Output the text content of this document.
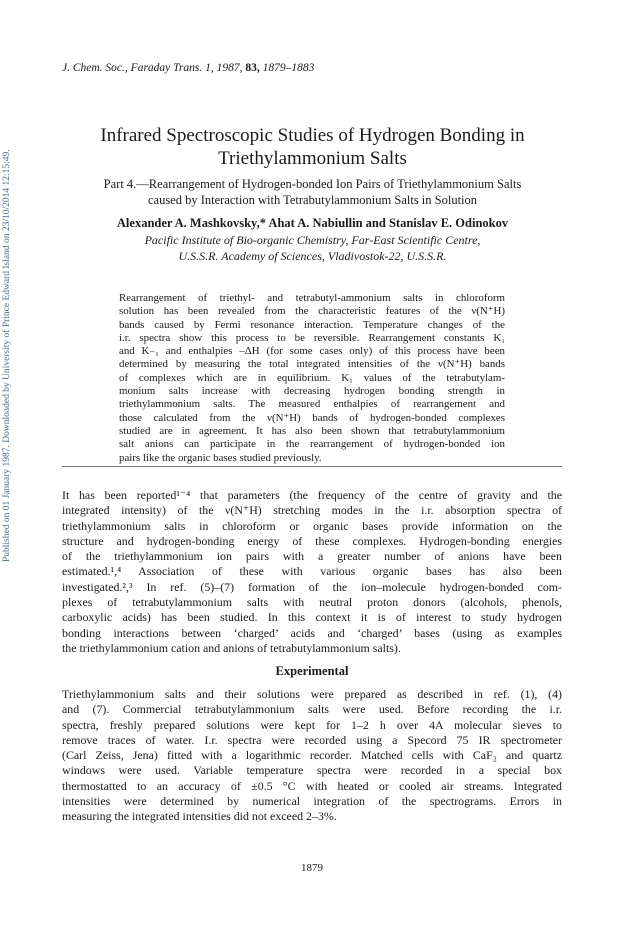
J. Chem. Soc., Faraday Trans. 1, 1987, 83, 1879–1883
Published on 01 January 1987. Downloaded by University of Prince Edward Island on 23/10/2014 12:15:49.
Infrared Spectroscopic Studies of Hydrogen Bonding in
Triethylammonium Salts
Part 4.—Rearrangement of Hydrogen-bonded Ion Pairs of Triethylammonium Salts
caused by Interaction with Tetrabutylammonium Salts in Solution
Alexander A. Mashkovsky,* Ahat A. Nabiullin and Stanislav E. Odinokov
Pacific Institute of Bio-organic Chemistry, Far-East Scientific Centre,
U.S.S.R. Academy of Sciences, Vladivostok-22, U.S.S.R.
Rearrangement of triethyl- and tetrabutyl-ammonium salts in chloroform
solution has been revealed from the characteristic features of the ν(N⁺H)
bands caused by Fermi resonance interaction. Temperature changes of the
i.r. spectra show this process to be reversible. Rearrangement constants K₁
and K₋₁ and enthalpies –ΔH (for some cases only) of this process have been
determined by measuring the total integrated intensities of the ν(N⁺H) bands
of complexes which are in equilibrium. K₁ values of the tetrabutylam-
monium salts increase with decreasing hydrogen bonding strength in
triethylammonium salts. The measured enthalpies of rearrangement and
those calculated from the ν(N⁺H) bands of hydrogen-bonded complexes
studied are in agreement. It has also been shown that tetrabutylammonium
salt anions can participate in the rearrangement of hydrogen-bonded ion
pairs like the organic bases studied previously.
It has been reported¹⁻⁴ that parameters (the frequency of the centre of gravity and the
integrated intensity) of the ν(N⁺H) stretching modes in the i.r. absorption spectra of
triethylammonium salts in chloroform or organic bases provide information on the
structure and hydrogen-bonding energy of these complexes. Hydrogen-bonding energies
of the triethylammonium ion pairs with a greater number of anions have been
estimated.¹,⁴ Association of these with various organic bases has also been
investigated.²,³ In ref. (5)–(7) formation of the ion–molecule hydrogen-bonded com-
plexes of tetrabutylammonium salts with neutral proton donors (alcohols, phenols,
carboxylic acids) has been studied. In this context it is of interest to study hydrogen
bonding interactions between ‘charged’ acids and ‘charged’ bases (using as examples
the triethylammonium cation and anions of tetrabutylammonium salts).
Experimental
Triethylammonium salts and their solutions were prepared as described in ref. (1), (4)
and (7). Commercial tetrabutylammonium salts were used. Before recording the i.r.
spectra, freshly prepared solutions were kept for 1–2 h over 4A molecular sieves to
remove traces of water. I.r. spectra were recorded using a Specord 75 IR spectrometer
(Carl Zeiss, Jena) fitted with a logarithmic recorder. Matched cells with CaF₂ and quartz
windows were used. Variable temperature spectra were recorded in a special box
thermostatted to an accuracy of ±0.5 °C with heated or cooled air streams. Integrated
intensities were determined by numerical integration of the spectrograms. Errors in
measuring the integrated intensities did not exceed 2–3%.
1879
